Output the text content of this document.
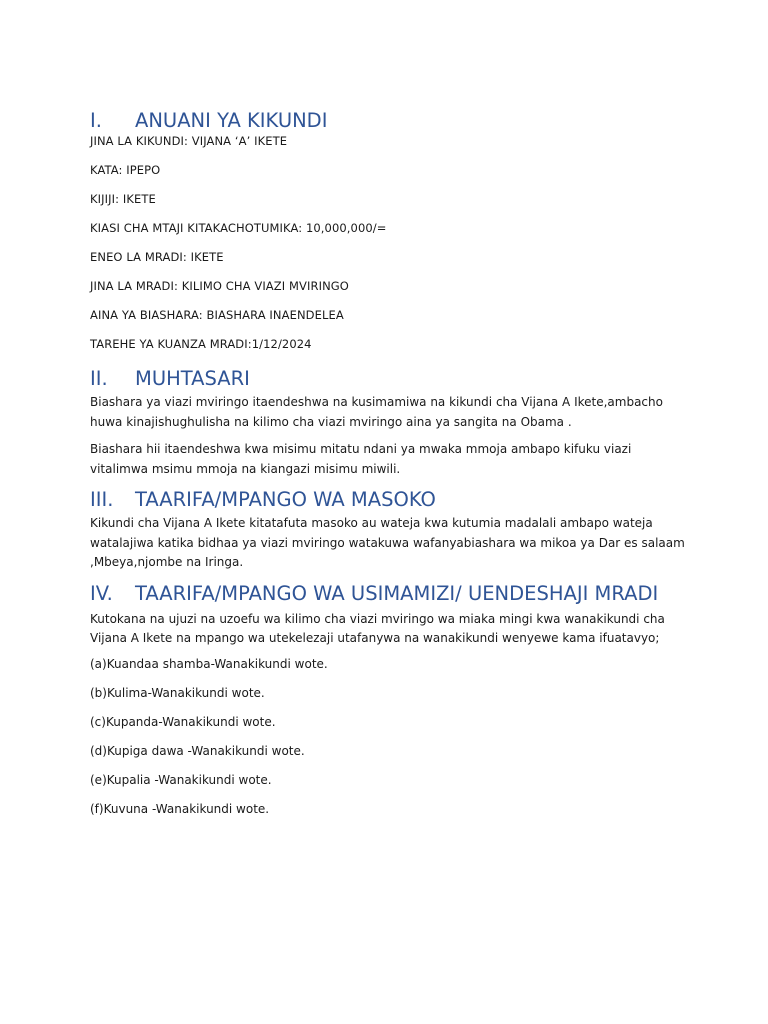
I.	ANUANI YA KIKUNDI

JINA LA KIKUNDI: VIJANA ‘A’ IKETE

KATA: IPEPO

KIJIJI: IKETE

KIASI CHA MTAJI KITAKACHOTUMIKA: 10,000,000/=

ENEO LA MRADI: IKETE

JINA LA MRADI: KILIMO CHA VIAZI MVIRINGO

AINA YA BIASHARA: BIASHARA INAENDELEA

TAREHE YA KUANZA MRADI:1/12/2024

II.	MUHTASARI

Biashara ya viazi mviringo itaendeshwa na kusimamiwa na kikundi cha Vijana A Ikete,ambacho huwa kinajishughulisha na kilimo cha viazi mviringo aina ya sangita na Obama .

Biashara hii itaendeshwa kwa misimu mitatu ndani ya mwaka mmoja ambapo kifuku viazi vitalimwa msimu mmoja na kiangazi misimu miwili.

III.	TAARIFA/MPANGO WA MASOKO

Kikundi cha Vijana A Ikete kitatafuta masoko au wateja kwa kutumia madalali ambapo wateja watalajiwa katika bidhaa ya viazi mviringo watakuwa wafanyabiashara wa mikoa ya Dar es salaam ,Mbeya,njombe na Iringa.

IV.	TAARIFA/MPANGO WA USIMAMIZI/ UENDESHAJI MRADI

Kutokana na ujuzi na uzoefu wa kilimo cha viazi mviringo wa miaka mingi kwa wanakikundi cha Vijana A Ikete na mpango wa utekelezaji utafanywa na wanakikundi wenyewe kama ifuatavyo;

(a)Kuandaa shamba-Wanakikundi wote.

(b)Kulima-Wanakikundi wote.

(c)Kupanda-Wanakikundi wote.

(d)Kupiga dawa -Wanakikundi wote.

(e)Kupalia -Wanakikundi wote.

(f)Kuvuna -Wanakikundi wote.
